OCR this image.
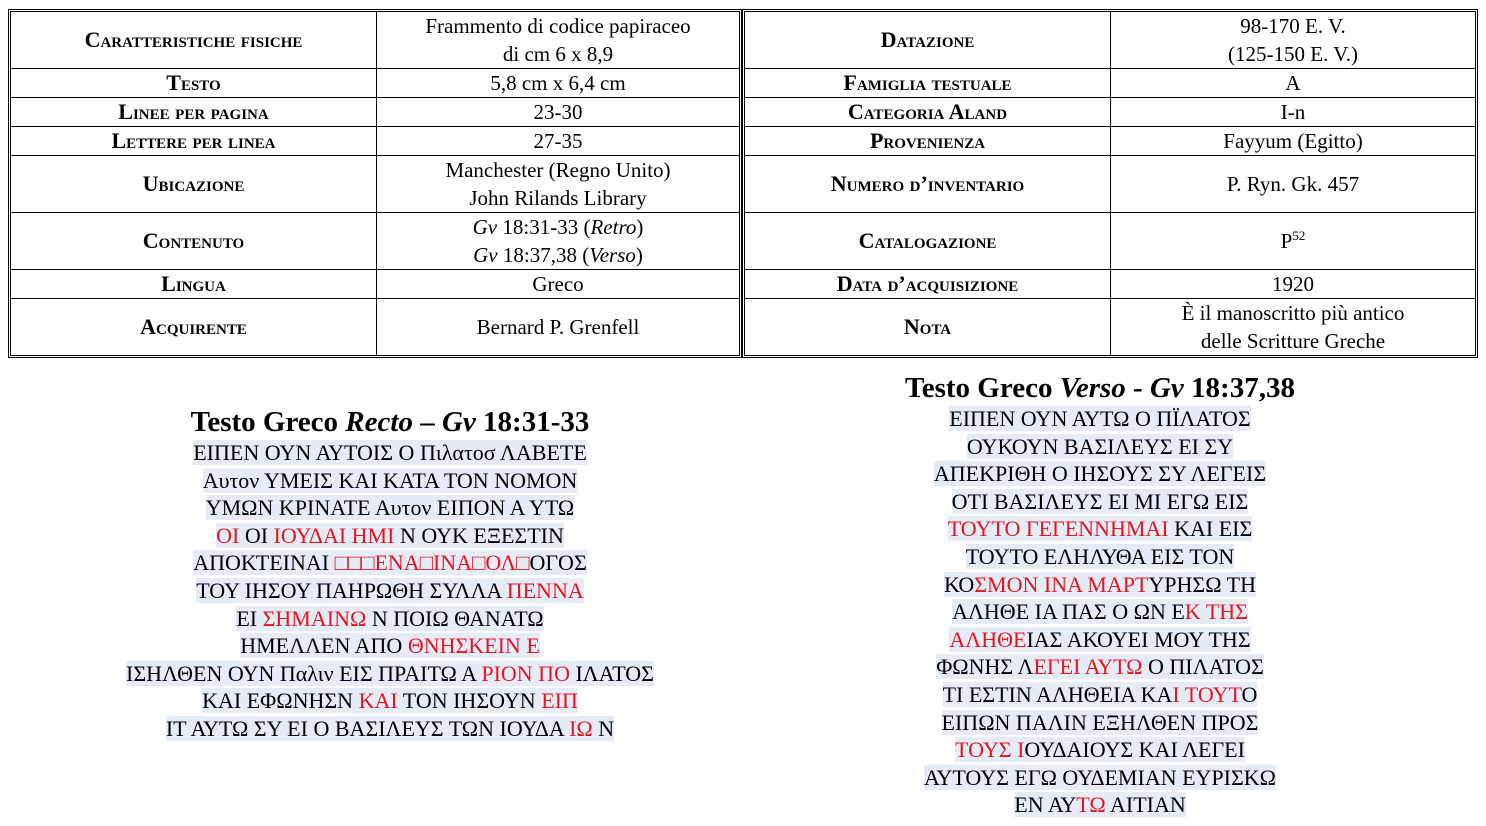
Caratteristiche fisiche	Frammento di codice papiraceo
di cm 6 x 8,9
Testo	5,8 cm x 6,4 cm
Linee per pagina	23-30
Lettere per linea	27-35
Ubicazione	Manchester (Regno Unito)
John Rilands Library
Contenuto	Gv 18:31-33 (Retro)
Gv 18:37,38 (Verso)
Lingua	Greco
Acquirente	Bernard P. Grenfell
Datazione	98-170 E. V.
(125-150 E. V.)
Famiglia testuale	A
Categoria Aland	I-n
Provenienza	Fayyum (Egitto)
Numero d’inventario	P. Ryn. Gk. 457
Catalogazione	$P^{52}$
Data d’acquisizione	1920
Nota	È il manoscritto più antico
delle Scritture Greche
Testo Greco Recto – Gv 18:31-33
ΕΙΠΕΝ ΟΥΝ ΑΥΤΟΙΣ Ο Πιλατοσ ΛΑΒΕΤΕ
Αυτον ΥΜΕΙΣ ΚΑΙ ΚΑΤΑ ΤΟΝ ΝΟΜΟΝ
ΥΜΩΝ ΚΡΙΝΑΤΕ Αυτον ΕΙΠΟΝ Α ΥΤΩ
ΟΙ ΟΙ ΙΟΥΔΑΙ ΗΜΙ Ν ΟΥΚ ΕΞΕΣΤΙΝ
ΑΠΟΚΤΕΙΝΑΙ □□□ΕΝΑ□ΙΝΑ□ΟΛ□ΟΓΟΣ
ΤΟΥ ΙΗΣΟΥ ΠΑΗΡΩΘΗ ΣΥΛΛΑ ΠΕΝΝΑ
ΕΙ ΣΗΜΑΙΝΩ Ν ΠΟΙΩ ΘΑΝΑΤΩ
ΗΜΕΛΛΕΝ ΑΠΟ ΘΝΗΣΚΕΙΝ Ε
ΙΣΗΛΘΕΝ ΟΥΝ Παλιν ΕΙΣ ΠΡΑΙΤΩ Α ΡΙΟΝ ΠΟ ΙΛΑΤΟΣ
ΚΑΙ ΕΦΩΝΗΣΝ ΚΑΙ ΤΟΝ ΙΗΣΟΥΝ ΕΙΠ
ΙΤ ΑΥΤΩ ΣΥ ΕΙ Ο ΒΑΣΙΛΕΥΣ ΤΩΝ ΙΟΥΔΑ ΙΩ Ν
Testo Greco Verso - Gv 18:37,38
ΕΙΠΕΝ ΟΥΝ ΑΥΤΩ Ο ΠΪΛΑΤΟΣ
ΟΥΚΟΥΝ ΒΑΣΙΛΕΥΣ ΕΙ ΣΥ
ΑΠΕΚΡΙΘΗ Ο ΙΗΣΟΥΣ ΣΥ ΛΕΓΕΙΣ
ΟΤΙ ΒΑΣΙΛΕΥΣ ΕΙ ΜΙ ΕΓΩ ΕΙΣ
ΤΟΥΤΟ ΓΕΓΕΝΝΗΜΑΙ ΚΑΙ ΕΙΣ
ΤΟΥΤΟ ΕΛΗΛΥΘΑ ΕΙΣ ΤΟΝ
ΚΟΣΜΟΝ ΙΝΑ ΜΑΡΤΥΡΗΣΩ ΤΗ
ΑΛΗΘΕ ΙΑ ΠΑΣ Ο ΩΝ ΕΚ ΤΗΣ
ΑΛΗΘΕΙΑΣ ΑΚΟΥΕΙ ΜΟΥ ΤΗΣ
ΦΩΝΗΣ ΛΕΓΕΙ ΑΥΤΩ Ο ΠΙΛΑΤΟΣ
ΤΙ ΕΣΤΙΝ ΑΛΗΘΕΙΑ ΚΑΙ ΤΟΥΤΟ
ΕΙΠΩΝ ΠΑΛΙΝ ΕΞΗΛΘΕΝ ΠΡΟΣ
ΤΟΥΣ ΙΟΥΔΑΙΟΥΣ ΚΑΙ ΛΕΓΕΙ
ΑΥΤΟΥΣ ΕΓΩ ΟΥΔΕΜΙΑΝ ΕΥΡΙΣΚΩ
ΕΝ ΑΥΤΩ ΑΙΤΙΑΝ
